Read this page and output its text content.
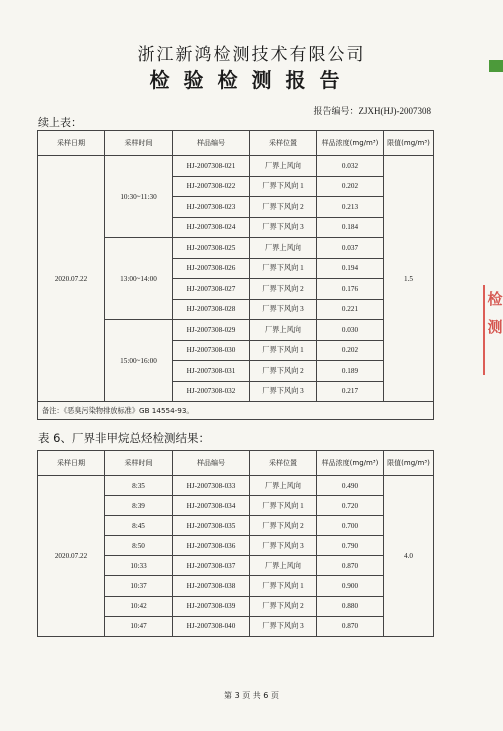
浙江新鸿检测技术有限公司
检验检测报告
报告编号：ZJXH(HJ)-2007308
续上表：
采样日期	采样时间	样品编号	采样位置	样品浓度(mg/m³)	限值(mg/m³)
2020.07.22	10:30~11:30	HJ-2007308-021	厂界上风向	0.032	1.5
		HJ-2007308-022	厂界下风向 1	0.202	
		HJ-2007308-023	厂界下风向 2	0.213	
		HJ-2007308-024	厂界下风向 3	0.184	
	13:00~14:00	HJ-2007308-025	厂界上风向	0.037	
		HJ-2007308-026	厂界下风向 1	0.194	
		HJ-2007308-027	厂界下风向 2	0.176	
		HJ-2007308-028	厂界下风向 3	0.221	
	15:00~16:00	HJ-2007308-029	厂界上风向	0.030	
		HJ-2007308-030	厂界下风向 1	0.202	
		HJ-2007308-031	厂界下风向 2	0.189	
		HJ-2007308-032	厂界下风向 3	0.217	
备注：《恶臭污染物排放标准》GB 14554-93。					
表 6、厂界非甲烷总烃检测结果：
采样日期	采样时间	样品编号	采样位置	样品浓度(mg/m³)	限值(mg/m³)
2020.07.22	8:35	HJ-2007308-033	厂界上风向	0.490	4.0
	8:39	HJ-2007308-034	厂界下风向 1	0.720	
	8:45	HJ-2007308-035	厂界下风向 2	0.700	
	8:50	HJ-2007308-036	厂界下风向 3	0.790	
	10:33	HJ-2007308-037	厂界上风向	0.870	
	10:37	HJ-2007308-038	厂界下风向 1	0.900	
	10:42	HJ-2007308-039	厂界下风向 2	0.880	
	10:47	HJ-2007308-040	厂界下风向 3	0.870	
第 3 页 共 6 页
检
测
